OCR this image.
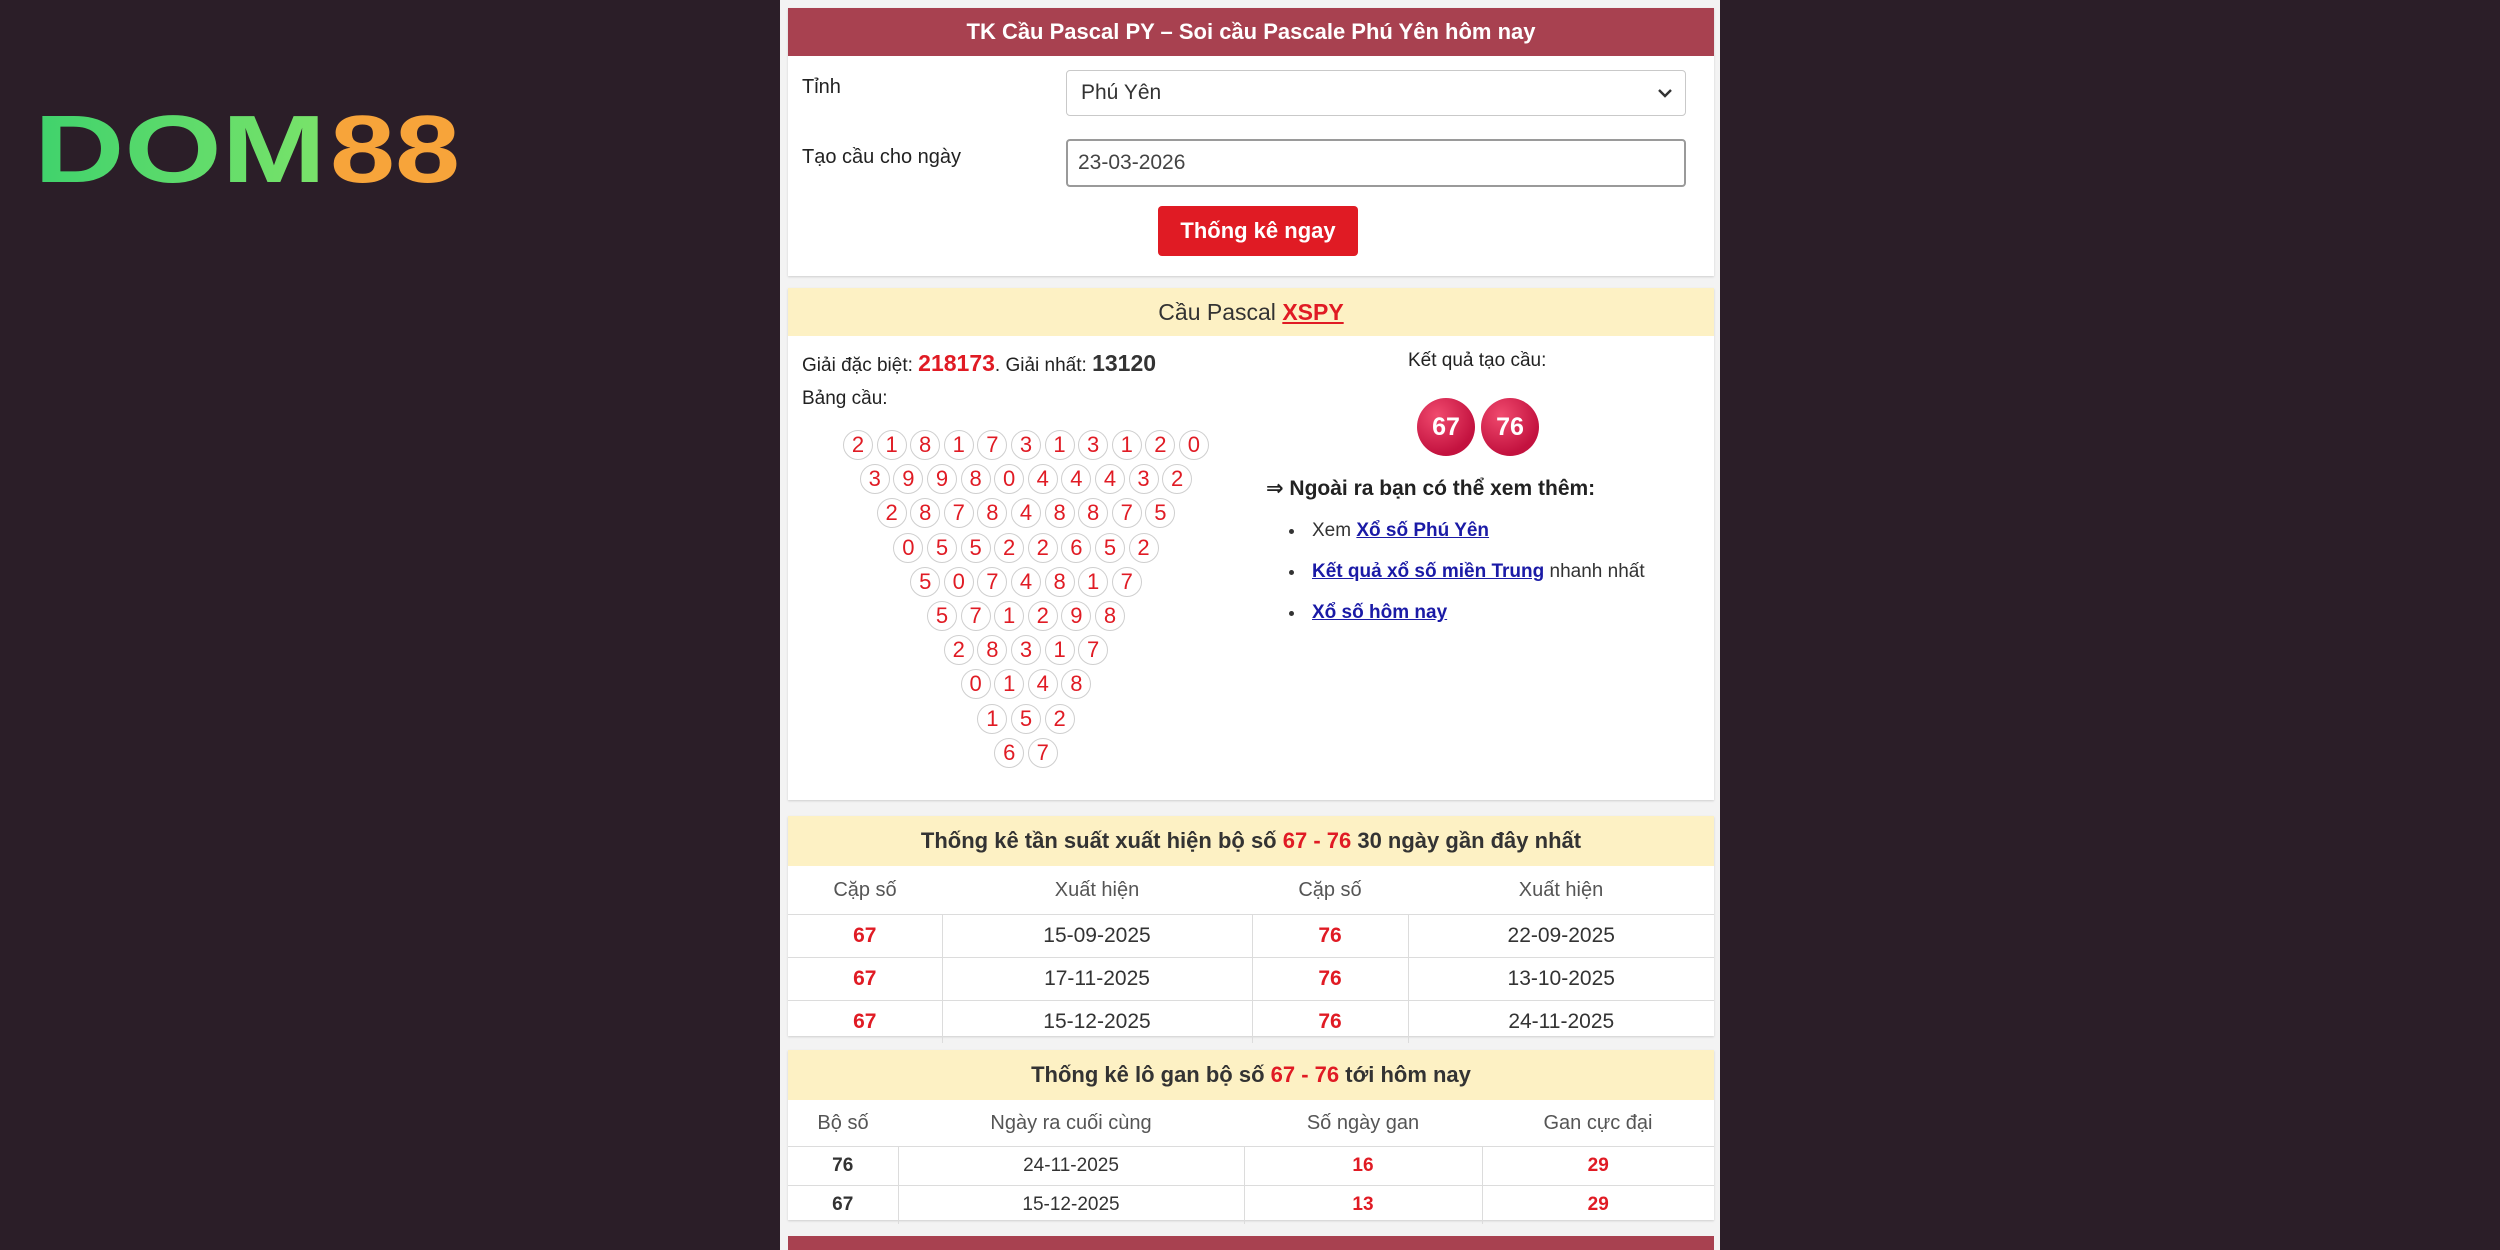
DOM 88
TK Cầu Pascal PY – Soi cầu Pascale Phú Yên hôm nay
Tỉnh	Phú Yên
Tạo cầu cho ngày	23-03-2026
Thống kê ngay
Cầu Pascal XSPY
Giải đặc biệt: 218173. Giải nhất: 13120
Bảng cầu:
2 1 8 1 7 3 1 3 1 2 0
3 9 9 8 0 4 4 4 3 2
2 8 7 8 4 8 8 7 5
0 5 5 2 2 6 5 2
5 0 7 4 8 1 7
5 7 1 2 9 8
2 8 3 1 7
0 1 4 8
1 5 2
6 7
Kết quả tạo cầu:
67	76
⇒ Ngoài ra bạn có thể xem thêm:
• Xem Xổ số Phú Yên
• Kết quả xổ số miền Trung nhanh nhất
• Xổ số hôm nay
Thống kê tần suất xuất hiện bộ số 67 - 76 30 ngày gần đây nhất
Cặp số	Xuất hiện	Cặp số	Xuất hiện
67	15-09-2025	76	22-09-2025
67	17-11-2025	76	13-10-2025
67	15-12-2025	76	24-11-2025
Thống kê lô gan bộ số 67 - 76 tới hôm nay
Bộ số	Ngày ra cuối cùng	Số ngày gan	Gan cực đại
76	24-11-2025	16	29
67	15-12-2025	13	29
